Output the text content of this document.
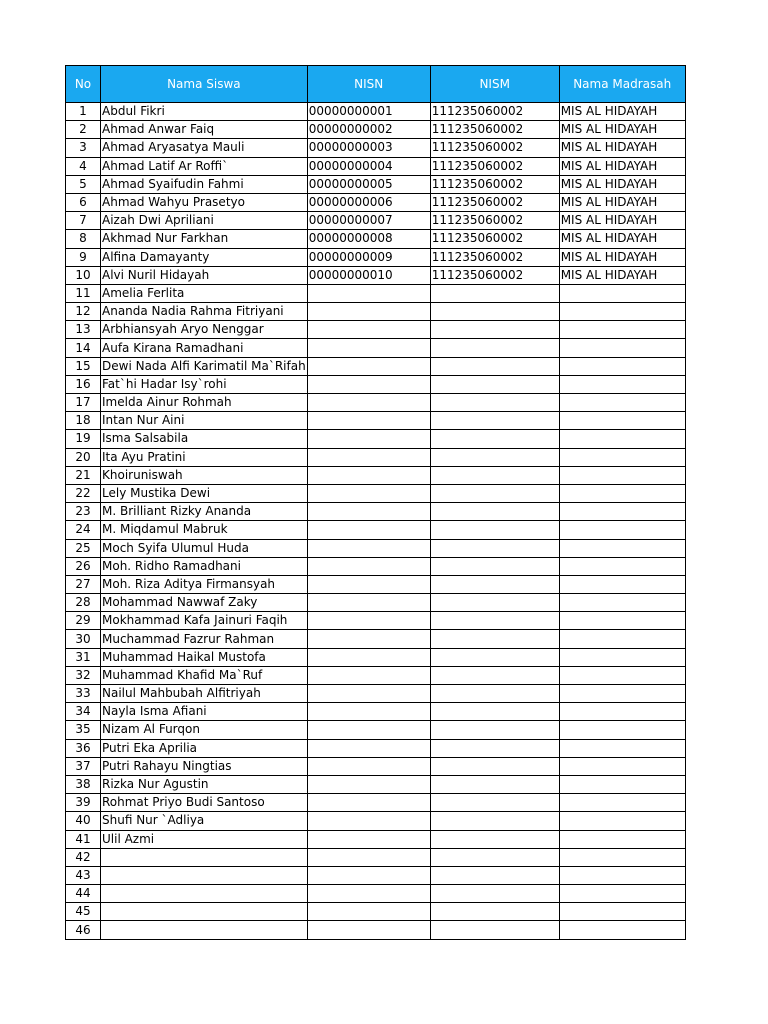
No	Nama Siswa	NISN	NISM	Nama Madrasah
1	Abdul Fikri	00000000001	111235060002	MIS AL HIDAYAH
2	Ahmad Anwar Faiq	00000000002	111235060002	MIS AL HIDAYAH
3	Ahmad Aryasatya Mauli	00000000003	111235060002	MIS AL HIDAYAH
4	Ahmad Latif Ar Roffi`	00000000004	111235060002	MIS AL HIDAYAH
5	Ahmad Syaifudin Fahmi	00000000005	111235060002	MIS AL HIDAYAH
6	Ahmad Wahyu Prasetyo	00000000006	111235060002	MIS AL HIDAYAH
7	Aizah Dwi Apriliani	00000000007	111235060002	MIS AL HIDAYAH
8	Akhmad Nur Farkhan	00000000008	111235060002	MIS AL HIDAYAH
9	Alfina Damayanty	00000000009	111235060002	MIS AL HIDAYAH
10	Alvi Nuril Hidayah	00000000010	111235060002	MIS AL HIDAYAH
11	Amelia Ferlita			
12	Ananda Nadia Rahma Fitriyani			
13	Arbhiansyah Aryo Nenggar			
14	Aufa Kirana Ramadhani			
15	Dewi Nada Alfi Karimatil Ma`Rifah			
16	Fat`hi Hadar Isy`rohi			
17	Imelda Ainur Rohmah			
18	Intan Nur Aini			
19	Isma Salsabila			
20	Ita Ayu Pratini			
21	Khoiruniswah			
22	Lely Mustika Dewi			
23	M. Brilliant Rizky Ananda			
24	M. Miqdamul Mabruk			
25	Moch Syifa Ulumul Huda			
26	Moh. Ridho Ramadhani			
27	Moh. Riza Aditya Firmansyah			
28	Mohammad Nawwaf Zaky			
29	Mokhammad Kafa Jainuri Faqih			
30	Muchammad Fazrur Rahman			
31	Muhammad Haikal Mustofa			
32	Muhammad Khafid Ma`Ruf			
33	Nailul Mahbubah Alfitriyah			
34	Nayla Isma Afiani			
35	Nizam Al Furqon			
36	Putri Eka Aprilia			
37	Putri Rahayu Ningtias			
38	Rizka Nur Agustin			
39	Rohmat Priyo Budi Santoso			
40	Shufi Nur `Adliya			
41	Ulil Azmi			
42				
43				
44				
45				
46				
